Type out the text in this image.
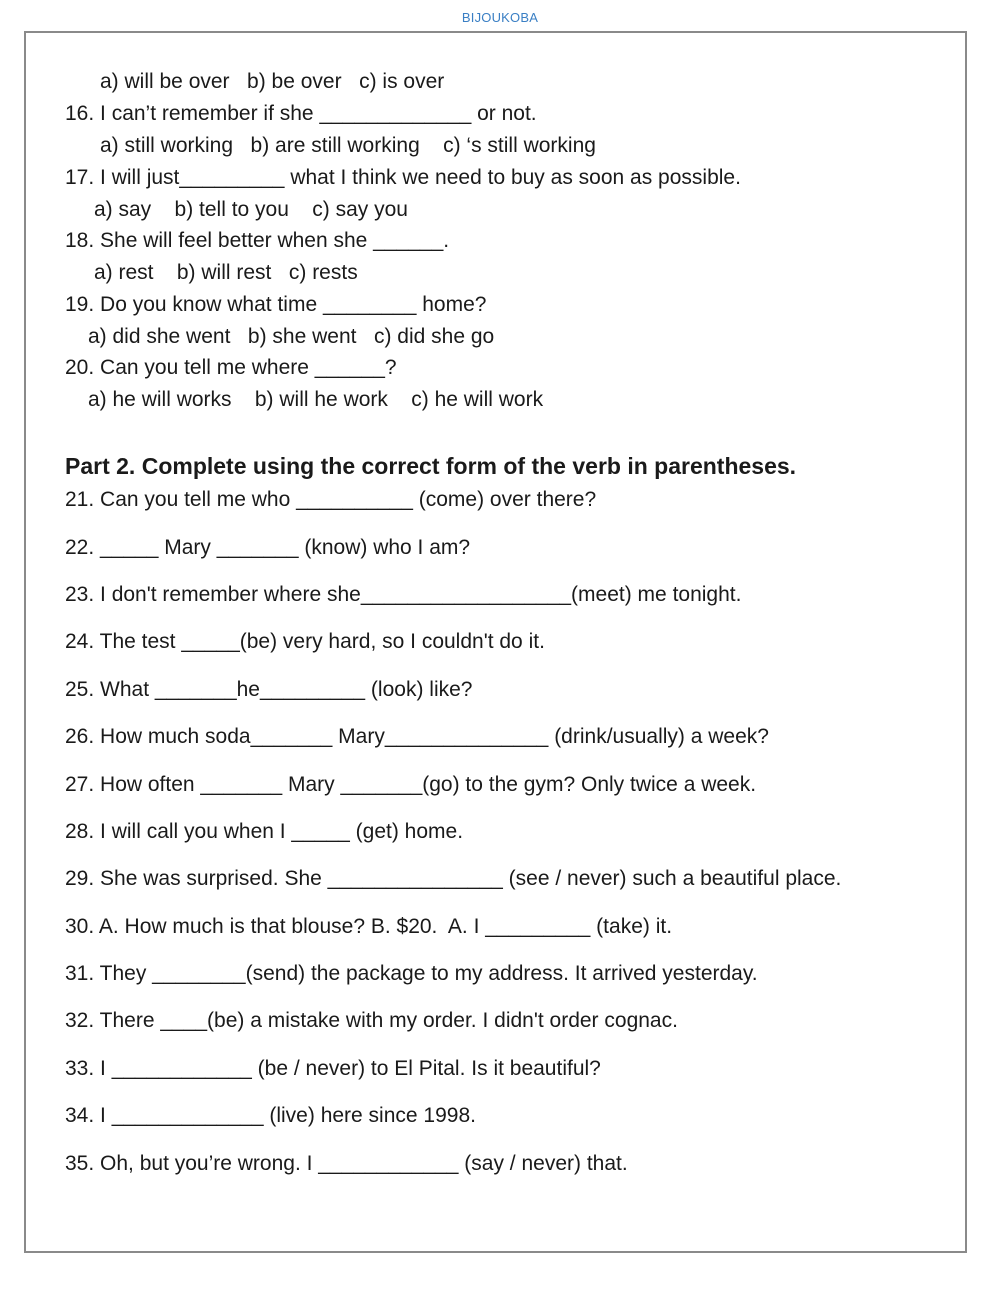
BIJOUKOBA
a) will be over   b) be over   c) is over
16. I can’t remember if she _____________ or not.
a) still working   b) are still working    c) ‘s still working
17. I will just_________ what I think we need to buy as soon as possible.
a) say    b) tell to you    c) say you
18. She will feel better when she ______.
a) rest    b) will rest   c) rests
19. Do you know what time ________ home?
a) did she went   b) she went   c) did she go
20. Can you tell me where ______?
a) he will works    b) will he work    c) he will work
Part 2. Complete using the correct form of the verb in parentheses.
21. Can you tell me who __________ (come) over there?
22. _____ Mary _______ (know) who I am?
23. I don't remember where she__________________(meet) me tonight.
24. The test _____(be) very hard, so I couldn't do it.
25. What _______he_________ (look) like?
26. How much soda_______ Mary______________ (drink/usually) a week?
27. How often _______ Mary _______(go) to the gym? Only twice a week.
28. I will call you when I _____ (get) home.
29. She was surprised. She _______________ (see / never) such a beautiful place.
30. A. How much is that blouse? B. $20.  A. I _________ (take) it.
31. They ________(send) the package to my address. It arrived yesterday.
32. There ____(be) a mistake with my order. I didn't order cognac.
33. I ____________ (be / never) to El Pital. Is it beautiful?
34. I _____________ (live) here since 1998.
35. Oh, but you’re wrong. I ____________ (say / never) that.
